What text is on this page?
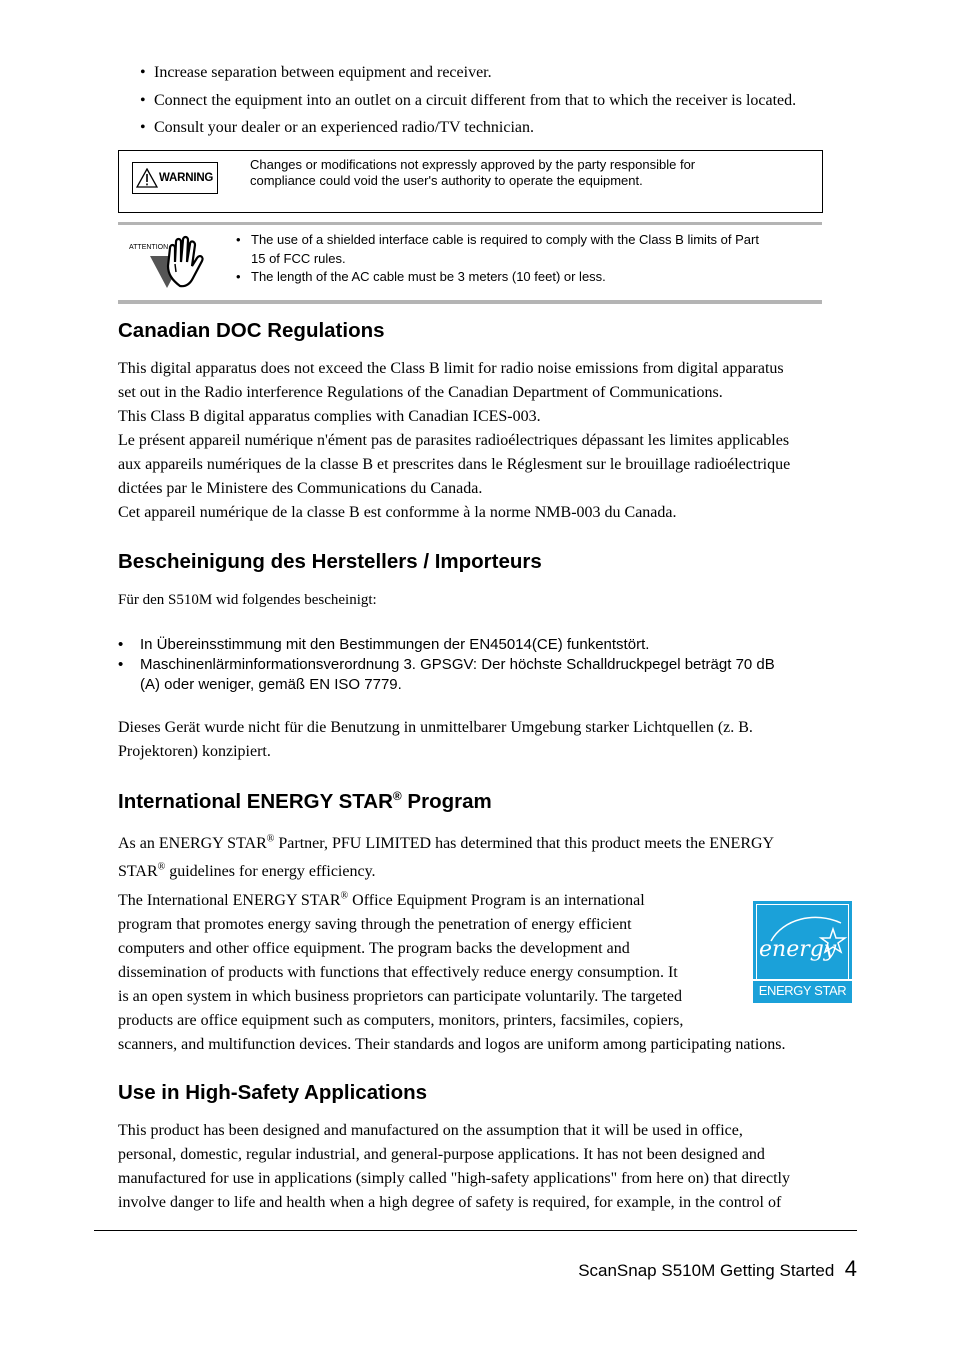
• Increase separation between equipment and receiver.
• Connect the equipment into an outlet on a circuit different from that to which the receiver is located.
• Consult your dealer or an experienced radio/TV technician.
WARNING
Changes or modifications not expressly approved by the party responsible for
compliance could void the user's authority to operate the equipment.
ATTENTION
• The use of a shielded interface cable is required to comply with the Class B limits of Part
15 of FCC rules.
• The length of the AC cable must be 3 meters (10 feet) or less.
Canadian DOC Regulations
This digital apparatus does not exceed the Class B limit for radio noise emissions from digital apparatus
set out in the Radio interference Regulations of the Canadian Department of Communications.
This Class B digital apparatus complies with Canadian ICES-003.
Le présent appareil numérique n'ément pas de parasites radioélectriques dépassant les limites applicables
aux appareils numériques de la classe B et prescrites dans le Réglesment sur le brouillage radioélectrique
dictées par le Ministere des Communications du Canada.
Cet appareil numérique de la classe B est conformme à la norme NMB-003 du Canada.
Bescheinigung des Herstellers / Importeurs
Für den S510M wid folgendes bescheinigt:
• In Übereinsstimmung mit den Bestimmungen der EN45014(CE) funkentstört.
• Maschinenlärminformationsverordnung 3. GPSGV: Der höchste Schalldruckpegel beträgt 70 dB
(A) oder weniger, gemäß EN ISO 7779.
Dieses Gerät wurde nicht für die Benutzung in unmittelbarer Umgebung starker Lichtquellen (z. B.
Projektoren) konzipiert.
International ENERGY STAR® Program
As an ENERGY STAR® Partner, PFU LIMITED has determined that this product meets the ENERGY
STAR® guidelines for energy efficiency.
The International ENERGY STAR® Office Equipment Program is an international
program that promotes energy saving through the penetration of energy efficient
computers and other office equipment. The program backs the development and
dissemination of products with functions that effectively reduce energy consumption. It
is an open system in which business proprietors can participate voluntarily. The targeted
products are office equipment such as computers, monitors, printers, facsimiles, copiers,
scanners, and multifunction devices. Their standards and logos are uniform among participating nations.
energy
ENERGY STAR
Use in High-Safety Applications
This product has been designed and manufactured on the assumption that it will be used in office,
personal, domestic, regular industrial, and general-purpose applications. It has not been designed and
manufactured for use in applications (simply called "high-safety applications" from here on) that directly
involve danger to life and health when a high degree of safety is required, for example, in the control of
ScanSnap S510M Getting Started 4
